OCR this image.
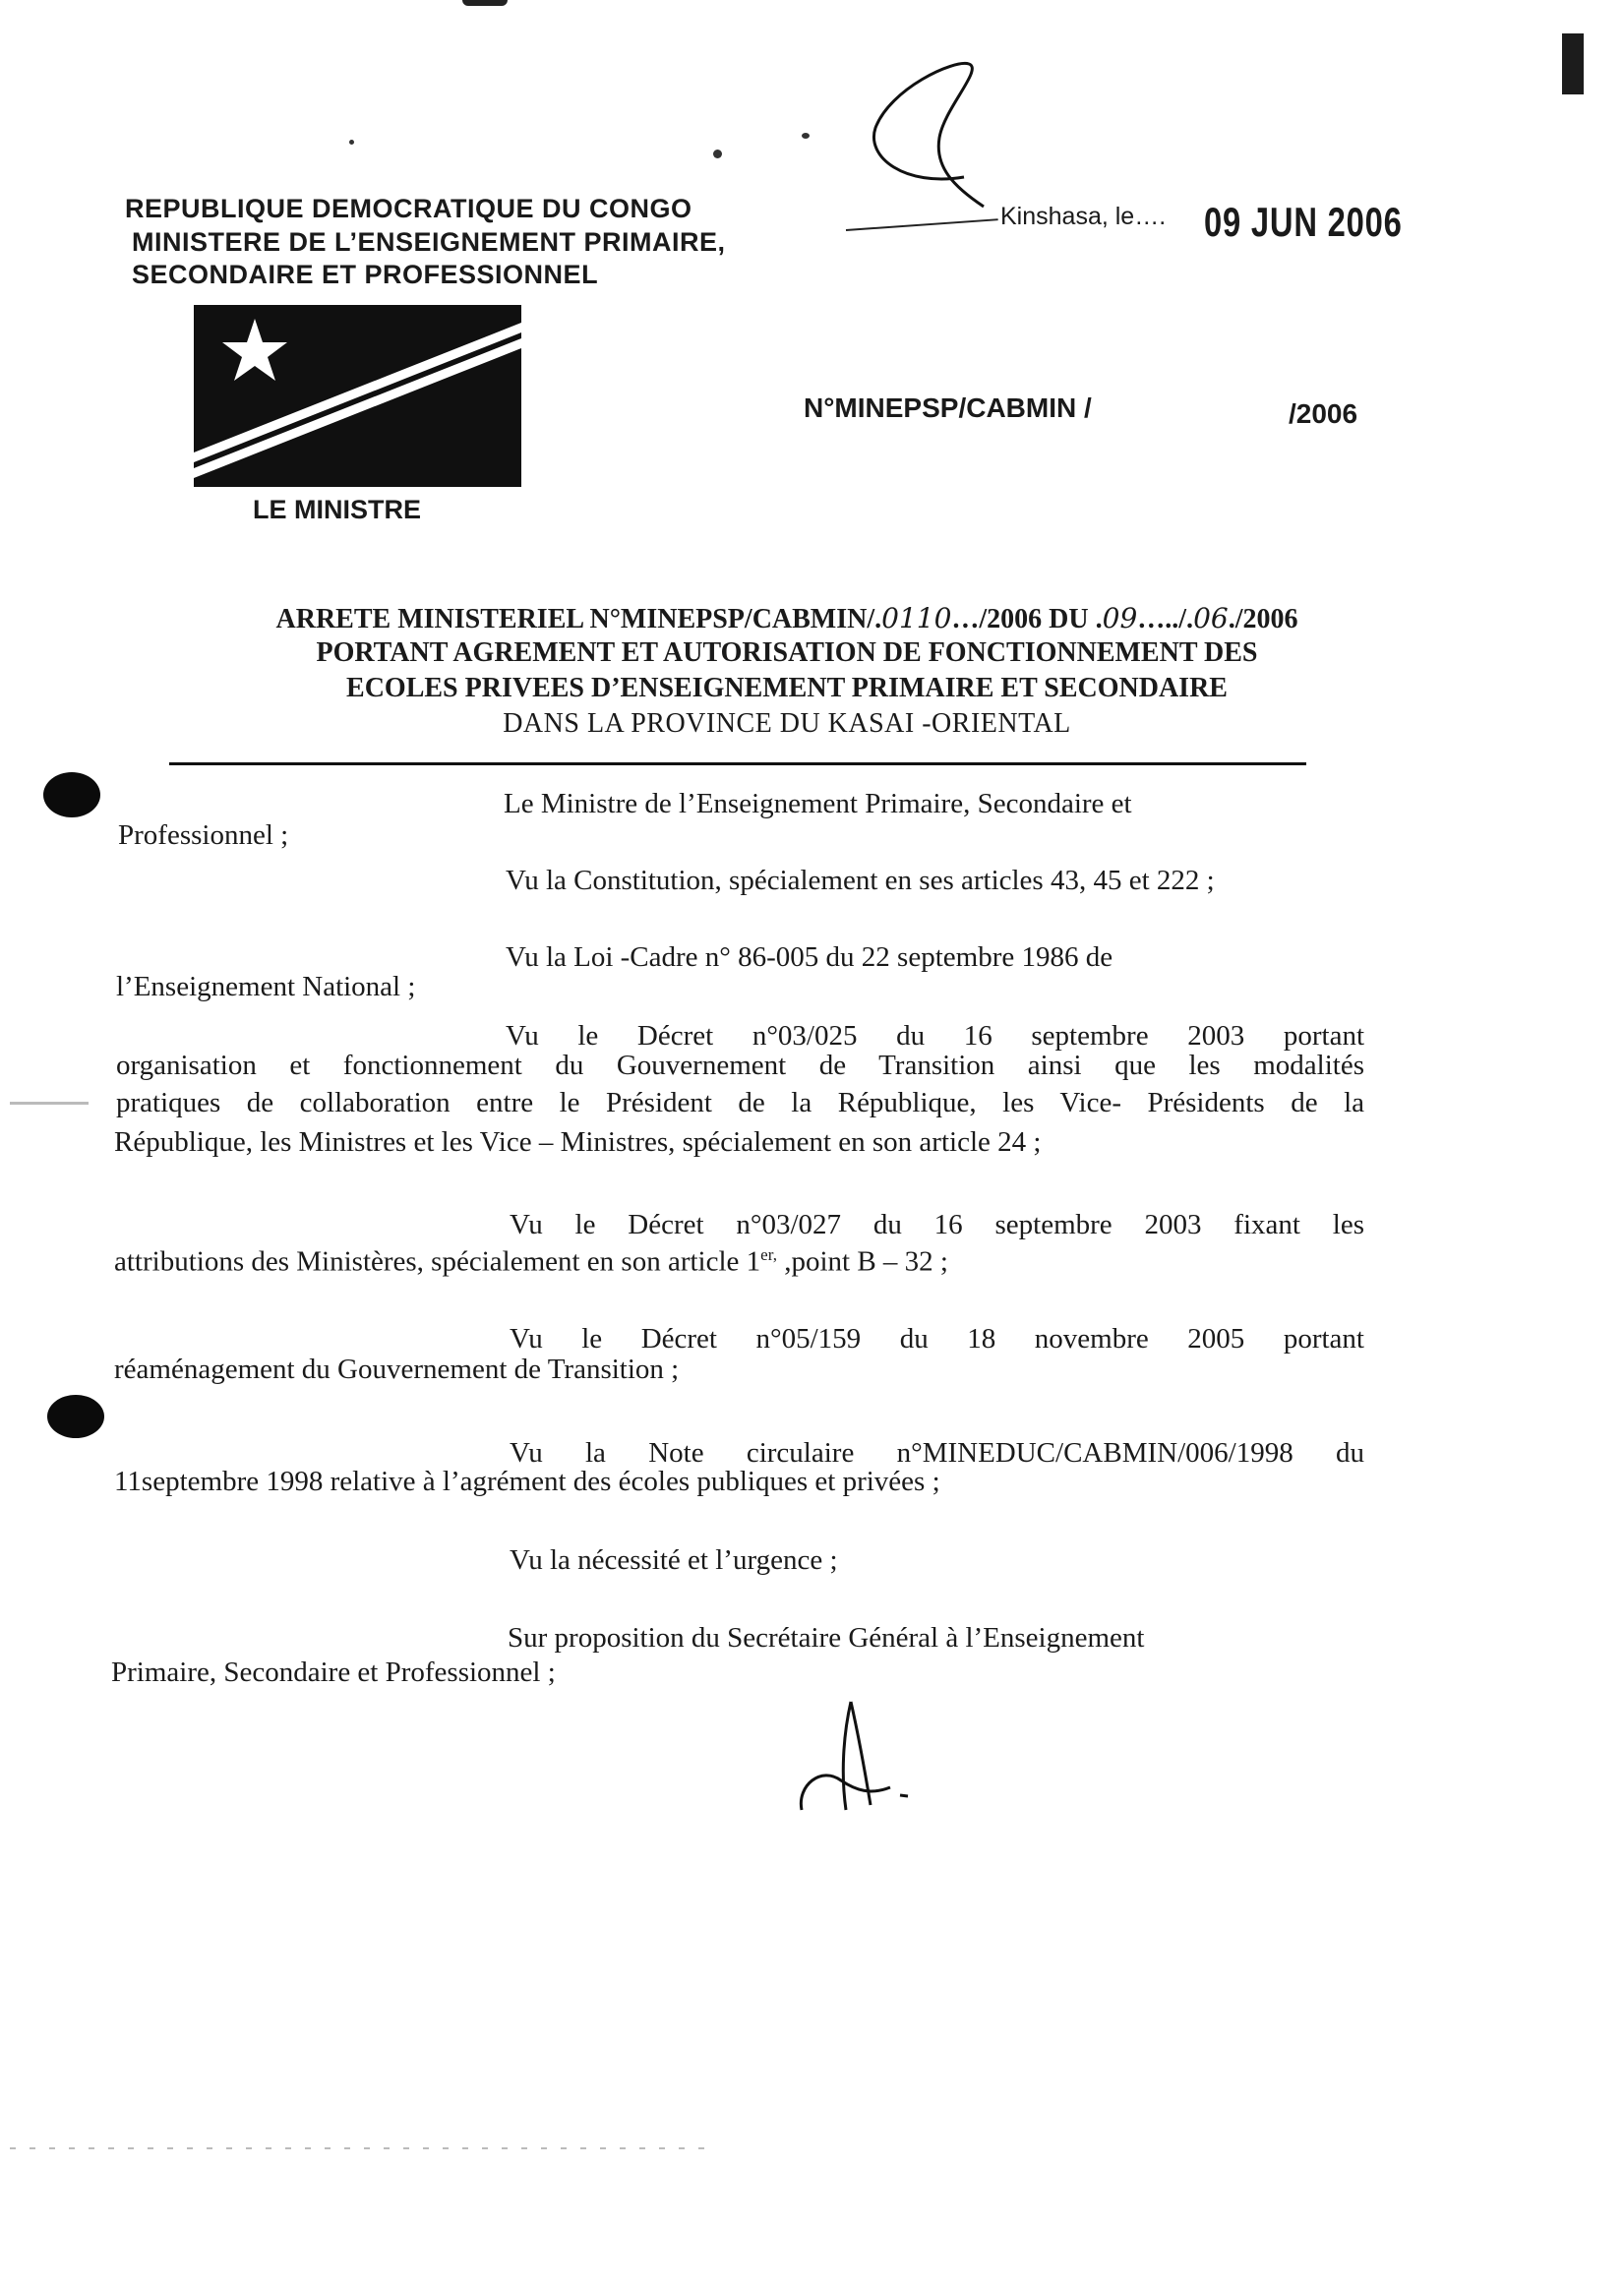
REPUBLIQUE DEMOCRATIQUE DU CONGO
MINISTERE DE L’ENSEIGNEMENT PRIMAIRE,
SECONDAIRE ET PROFESSIONNEL
Kinshasa, le…. 09 JUN 2006
N°MINEPSP/CABMIN /	/2006
LE MINISTRE
ARRETE MINISTERIEL N°MINEPSP/CABMIN/.0110…/2006 DU .09…../.06./2006
PORTANT AGREMENT ET AUTORISATION DE FONCTIONNEMENT DES
ECOLES PRIVEES D’ENSEIGNEMENT PRIMAIRE ET SECONDAIRE
DANS LA PROVINCE DU KASAI -ORIENTAL
Le Ministre de l’Enseignement Primaire, Secondaire et
Professionnel ;
Vu la Constitution, spécialement en ses articles 43, 45 et 222 ;
Vu la Loi -Cadre n° 86-005 du 22 septembre 1986 de
l’Enseignement National ;
Vu le Décret n°03/025 du 16 septembre 2003 portant
organisation et fonctionnement du Gouvernement de Transition ainsi que les modalités
pratiques de collaboration entre le Président de la République, les Vice- Présidents de la
République, les Ministres et les Vice – Ministres, spécialement en son article 24 ;
Vu le Décret n°03/027 du 16 septembre 2003 fixant les
attributions des Ministères, spécialement en son article $1^{er,}$ ,point B – 32 ;
Vu le Décret n°05/159 du 18 novembre 2005 portant
réaménagement du Gouvernement de Transition ;
Vu la Note circulaire n°MINEDUC/CABMIN/006/1998 du
11septembre 1998 relative à l’agrément des écoles publiques et privées ;
Vu la nécessité et l’urgence ;
Sur proposition du Secrétaire Général à l’Enseignement
Primaire, Secondaire et Professionnel ;
